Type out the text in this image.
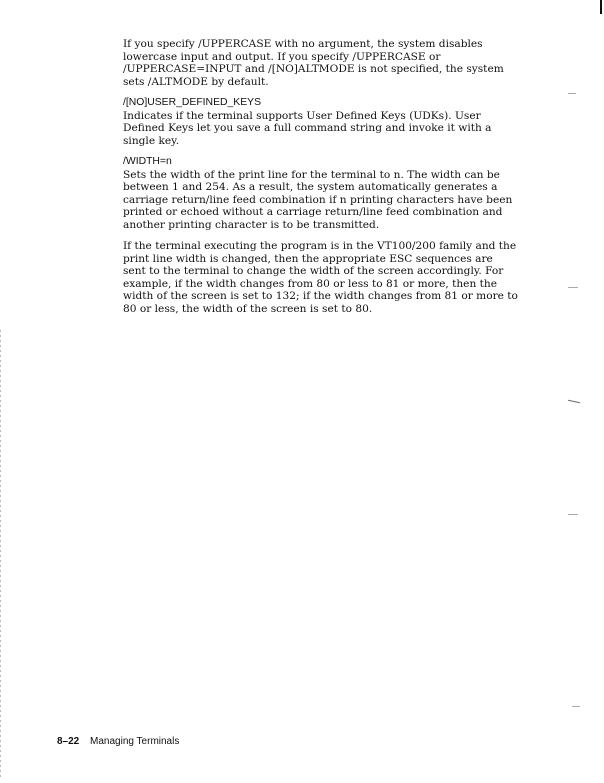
If you specify /UPPERCASE with no argument, the system disables lowercase input and output. If you specify /UPPERCASE or /UPPERCASE=INPUT and /[NO]ALTMODE is not specified, the system sets /ALTMODE by default.

/[NO]USER_DEFINED_KEYS

Indicates if the terminal supports User Defined Keys (UDKs). User Defined Keys let you save a full command string and invoke it with a single key.

/WIDTH=n

Sets the width of the print line for the terminal to n. The width can be between 1 and 254. As a result, the system automatically generates a carriage return/line feed combination if n printing characters have been printed or echoed without a carriage return/line feed combination and another printing character is to be transmitted.

If the terminal executing the program is in the VT100/200 family and the print line width is changed, then the appropriate ESC sequences are sent to the terminal to change the width of the screen accordingly. For example, if the width changes from 80 or less to 81 or more, then the width of the screen is set to 132; if the width changes from 81 or more to 80 or less, the width of the screen is set to 80.

8–22 Managing Terminals
